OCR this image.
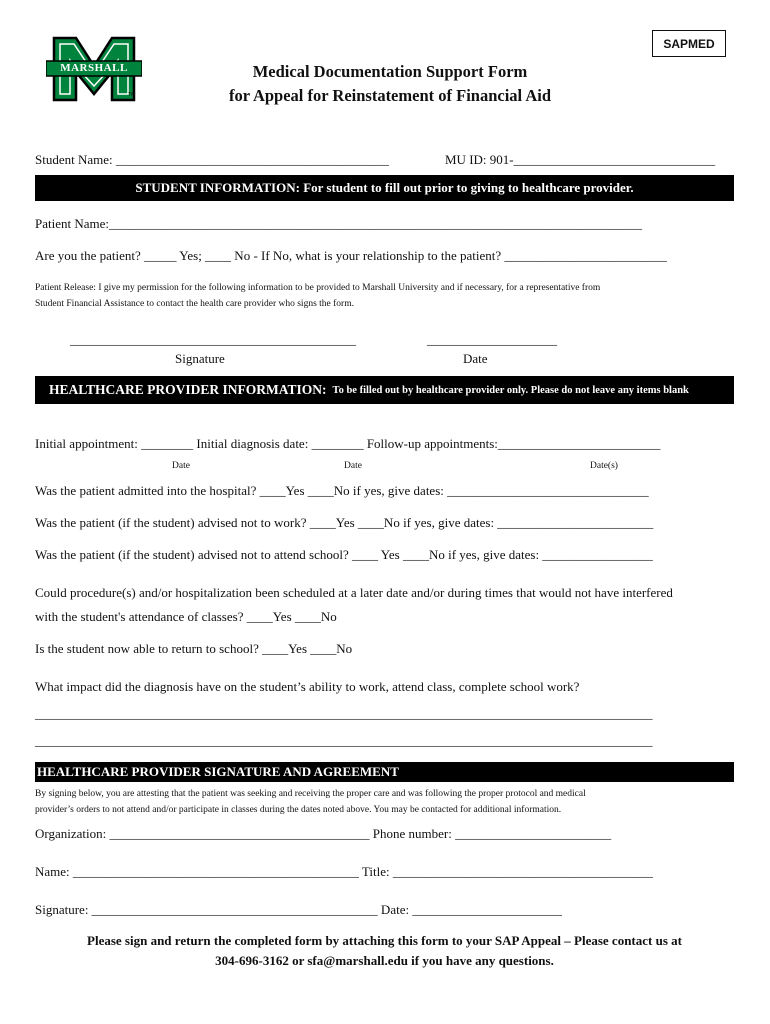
MARSHALL
TM
SAPMED
Medical Documentation Support Form
for Appeal for Reinstatement of Financial Aid
Student Name: __________________________________________	MU ID: 901-_______________________________
STUDENT INFORMATION: For student to fill out prior to giving to healthcare provider.
Patient Name:__________________________________________________________________________________
Are you the patient? _____ Yes; ____ No - If No, what is your relationship to the patient? _________________________
Patient Release: I give my permission for the following information to be provided to Marshall University and if necessary, for a representative from
Student Financial Assistance to contact the health care provider who signs the form.
____________________________________________	____________________
Signature	Date
HEALTHCARE PROVIDER INFORMATION: To be filled out by healthcare provider only. Please do not leave any items blank
Initial appointment: ________ Initial diagnosis date: ________ Follow-up appointments:_________________________
Date	Date	Date(s)
Was the patient admitted into the hospital? ____Yes ____No if yes, give dates: _______________________________
Was the patient (if the student) advised not to work? ____Yes ____No if yes, give dates: ________________________
Was the patient (if the student) advised not to attend school? ____ Yes ____No if yes, give dates: _________________
Could procedure(s) and/or hospitalization been scheduled at a later date and/or during times that would not have interfered
with the student's attendance of classes? ____Yes ____No
Is the student now able to return to school? ____Yes ____No
What impact did the diagnosis have on the student’s ability to work, attend class, complete school work?
_______________________________________________________________________________________________
_______________________________________________________________________________________________
HEALTHCARE PROVIDER SIGNATURE AND AGREEMENT
By signing below, you are attesting that the patient was seeking and receiving the proper care and was following the proper protocol and medical
provider’s orders to not attend and/or participate in classes during the dates noted above. You may be contacted for additional information.
Organization: ________________________________________ Phone number: ________________________
Name: ____________________________________________ Title: ________________________________________
Signature: ____________________________________________ Date: _______________________
Please sign and return the completed form by attaching this form to your SAP Appeal – Please contact us at
304-696-3162 or sfa@marshall.edu if you have any questions.
